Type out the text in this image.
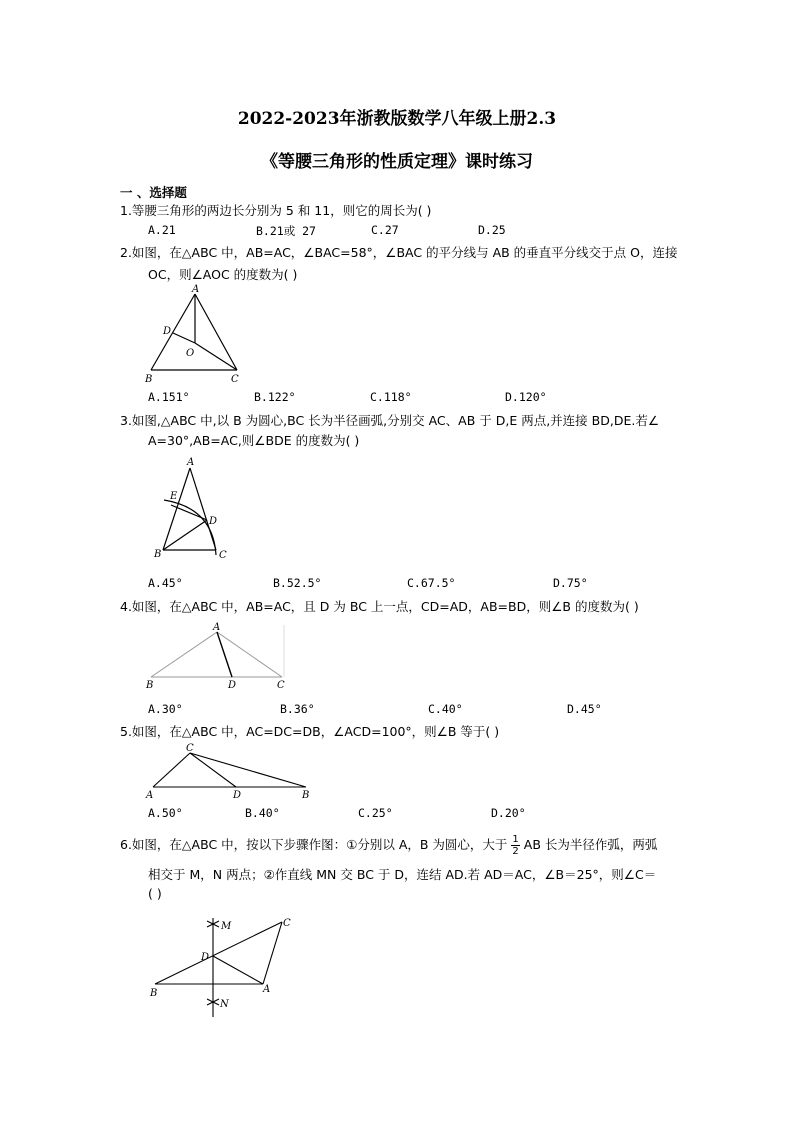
2022-2023年浙教版数学八年级上册2.3
《等腰三角形的性质定理》课时练习
一 、选择题
1.等腰三角形的两边长分别为 5 和 11，则它的周长为( )
A.21	B.21或 27	C.27	D.25
2.如图，在△ABC 中，AB=AC，∠BAC=58°，∠BAC 的平分线与 AB 的垂直平分线交于点 O，连接
OC，则∠AOC 的度数为( )
A
D
O
B	C
A.151°	B.122°	C.118°	D.120°
3.如图,△ABC 中,以 B 为圆心,BC 长为半径画弧,分别交 AC、AB 于 D,E 两点,并连接 BD,DE.若∠
A=30°,AB=AC,则∠BDE 的度数为( )
A
E
D
B	C
A.45°	B.52.5°	C.67.5°	D.75°
4.如图，在△ABC 中，AB=AC，且 D 为 BC 上一点，CD=AD，AB=BD，则∠B 的度数为( )
A
B	D	C
A.30°	B.36°	C.40°	D.45°
5.如图，在△ABC 中，AC=DC=DB，∠ACD=100°，则∠B 等于( )
C
A	D	B
A.50°	B.40°	C.25°	D.20°
6.如图，在△ABC 中，按以下步骤作图：①分别以 A，B 为圆心，大于 $\frac{1}{2}$ AB 长为半径作弧，两弧
相交于 M，N 两点；②作直线 MN 交 BC 于 D，连结 AD.若 AD＝AC，∠B＝25°，则∠C＝
( )
M	C
D
B	A
N
